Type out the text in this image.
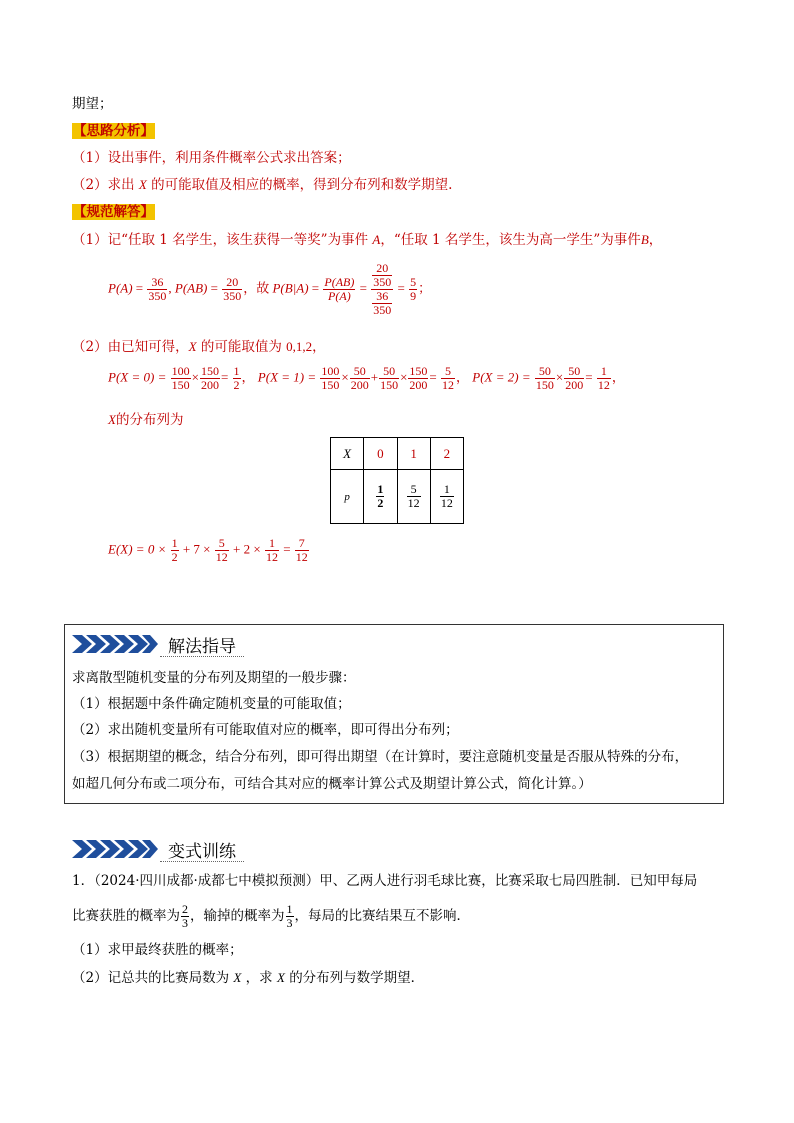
期望；
【思路分析】
（1）设出事件，利用条件概率公式求出答案；
（2）求出 X 的可能取值及相应的概率，得到分布列和数学期望.
【规范解答】
（1）记“任取 1 名学生，该生获得一等奖”为事件 A，“任取 1 名学生，该生为高一学生”为事件B，
$P(A) = \frac{36}{350}$ , $P(AB) = \frac{20}{350}$ ，故 $P(B|A) = \frac{P(AB)}{P(A)} = \frac{\frac{20}{350}}{\frac{36}{350}} = \frac{5}{9}$ ；
（2）由已知可得，X 的可能取值为 0,1,2，
$P(X = 0) = \frac{100}{150} \times \frac{150}{200} = \frac{1}{2}$ ， $P(X = 1) = \frac{100}{150} \times \frac{50}{200} + \frac{50}{150} \times \frac{150}{200} = \frac{5}{12}$ ， $P(X = 2) = \frac{50}{150} \times \frac{50}{200} = \frac{1}{12}$ ，
X的分布列为
X	0	1	2
p	$\frac{1}{2}$	$\frac{5}{12}$	$\frac{1}{12}$
$E(X) = 0 \times \frac{1}{2} + 7 \times \frac{5}{12} + 2 \times \frac{1}{12} = \frac{7}{12}$
解法指导
求离散型随机变量的分布列及期望的一般步骤：
（1）根据题中条件确定随机变量的可能取值；
（2）求出随机变量所有可能取值对应的概率，即可得出分布列；
（3）根据期望的概念，结合分布列，即可得出期望（在计算时，要注意随机变量是否服从特殊的分布，
如超几何分布或二项分布，可结合其对应的概率计算公式及期望计算公式，简化计算。）
变式训练
1．（2024·四川成都·成都七中模拟预测）甲、乙两人进行羽毛球比赛，比赛采取七局四胜制．已知甲每局
比赛获胜的概率为 $\frac{2}{3}$ ，输掉的概率为 $\frac{1}{3}$ ，每局的比赛结果互不影响．
（1）求甲最终获胜的概率；
（2）记总共的比赛局数为 X ，求 X 的分布列与数学期望．
